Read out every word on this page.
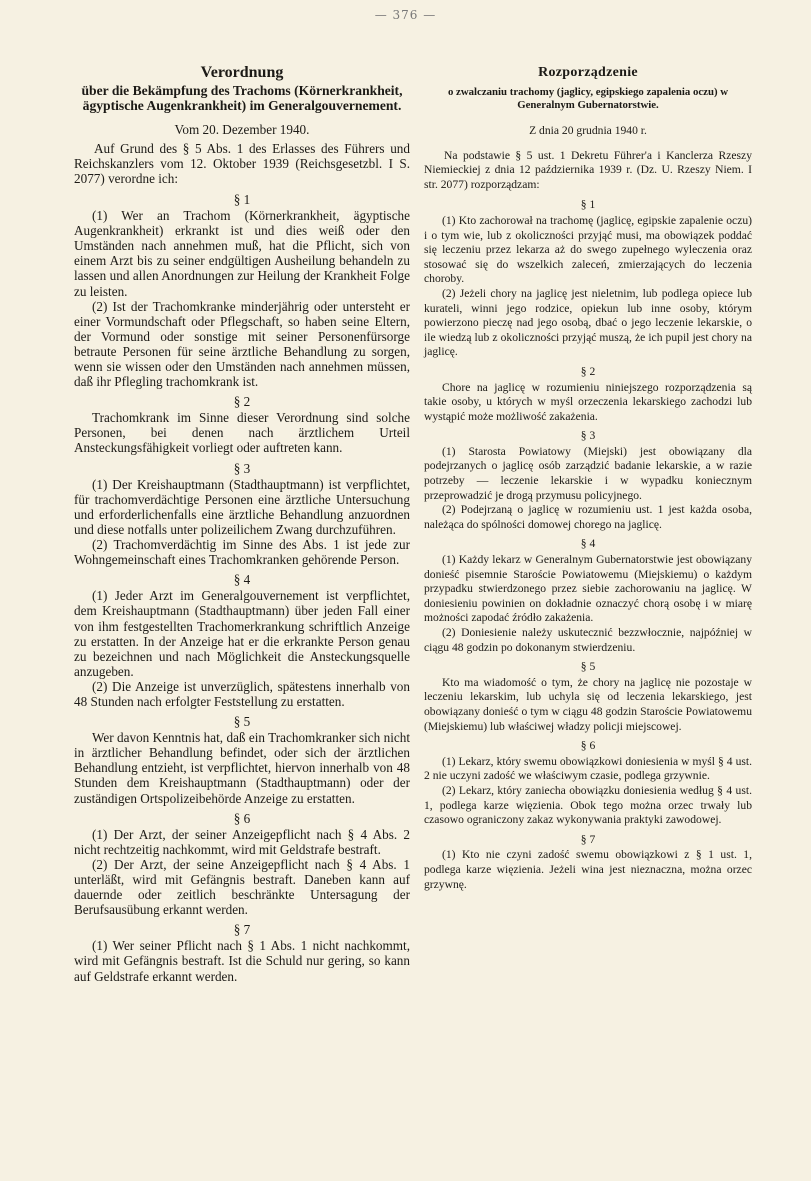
— 376 —
Verordnung
über die Bekämpfung des Trachoms (Körnerkrankheit, ägyptische Augenkrankheit) im Generalgouvernement.
Vom 20. Dezember 1940.

Auf Grund des § 5 Abs. 1 des Erlasses des Führers und Reichskanzlers vom 12. Oktober 1939 (Reichsgesetzbl. I S. 2077) verordne ich:

§ 1

(1) Wer an Trachom (Körnerkrankheit, ägyptische Augenkrankheit) erkrankt ist und dies weiß oder den Umständen nach annehmen muß, hat die Pflicht, sich von einem Arzt bis zu seiner endgültigen Ausheilung behandeln zu lassen und allen Anordnungen zur Heilung der Krankheit Folge zu leisten.

(2) Ist der Trachomkranke minderjährig oder untersteht er einer Vormundschaft oder Pflegschaft, so haben seine Eltern, der Vormund oder sonstige mit seiner Personenfürsorge betraute Personen für seine ärztliche Behandlung zu sorgen, wenn sie wissen oder den Umständen nach annehmen müssen, daß ihr Pflegling trachomkrank ist.

§ 2

Trachomkrank im Sinne dieser Verordnung sind solche Personen, bei denen nach ärztlichem Urteil Ansteckungsfähigkeit vorliegt oder auftreten kann.

§ 3

(1) Der Kreishauptmann (Stadthauptmann) ist verpflichtet, für trachomverdächtige Personen eine ärztliche Untersuchung und erforderlichenfalls eine ärztliche Behandlung anzuordnen und diese notfalls unter polizeilichem Zwang durchzuführen.

(2) Trachomverdächtig im Sinne des Abs. 1 ist jede zur Wohngemeinschaft eines Trachomkranken gehörende Person.

§ 4

(1) Jeder Arzt im Generalgouvernement ist verpflichtet, dem Kreishauptmann (Stadthauptmann) über jeden Fall einer von ihm festgestellten Trachomerkrankung schriftlich Anzeige zu erstatten. In der Anzeige hat er die erkrankte Person genau zu bezeichnen und nach Möglichkeit die Ansteckungsquelle anzugeben.

(2) Die Anzeige ist unverzüglich, spätestens innerhalb von 48 Stunden nach erfolgter Feststellung zu erstatten.

§ 5

Wer davon Kenntnis hat, daß ein Trachomkranker sich nicht in ärztlicher Behandlung befindet, oder sich der ärztlichen Behandlung entzieht, ist verpflichtet, hiervon innerhalb von 48 Stunden dem Kreishauptmann (Stadthauptmann) oder der zuständigen Ortspolizeibehörde Anzeige zu erstatten.

§ 6

(1) Der Arzt, der seiner Anzeigepflicht nach § 4 Abs. 2 nicht rechtzeitig nachkommt, wird mit Geldstrafe bestraft.

(2) Der Arzt, der seine Anzeigepflicht nach § 4 Abs. 1 unterläßt, wird mit Gefängnis bestraft. Daneben kann auf dauernde oder zeitlich beschränkte Untersagung der Berufsausübung erkannt werden.

§ 7

(1) Wer seiner Pflicht nach § 1 Abs. 1 nicht nachkommt, wird mit Gefängnis bestraft. Ist die Schuld nur gering, so kann auf Geldstrafe erkannt werden.

Rozporządzenie
o zwalczaniu trachomy (jaglicy, egipskiego zapalenia oczu) w Generalnym Gubernatorstwie.
Z dnia 20 grudnia 1940 r.

Na podstawie § 5 ust. 1 Dekretu Führer'a i Kanclerza Rzeszy Niemieckiej z dnia 12 października 1939 r. (Dz. U. Rzeszy Niem. I str. 2077) rozporządzam:

§ 1

(1) Kto zachorował na trachomę (jaglicę, egipskie zapalenie oczu) i o tym wie, lub z okoliczności przyjąć musi, ma obowiązek poddać się leczeniu przez lekarza aż do swego zupełnego wyleczenia oraz stosować się do wszelkich zaleceń, zmierzających do leczenia choroby.

(2) Jeżeli chory na jaglicę jest nieletnim, lub podlega opiece lub kurateli, winni jego rodzice, opiekun lub inne osoby, którym powierzono pieczę nad jego osobą, dbać o jego leczenie lekarskie, o ile wiedzą lub z okoliczności przyjąć muszą, że ich pupil jest chory na jaglicę.

§ 2

Chore na jaglicę w rozumieniu niniejszego rozporządzenia są takie osoby, u których w myśl orzeczenia lekarskiego zachodzi lub wystąpić może możliwość zakażenia.

§ 3

(1) Starosta Powiatowy (Miejski) jest obowiązany dla podejrzanych o jaglicę osób zarządzić badanie lekarskie, a w razie potrzeby — leczenie lekarskie i w wypadku koniecznym przeprowadzić je drogą przymusu policyjnego.

(2) Podejrzaną o jaglicę w rozumieniu ust. 1 jest każda osoba, należąca do spólności domowej chorego na jaglicę.

§ 4

(1) Każdy lekarz w Generalnym Gubernatorstwie jest obowiązany donieść pisemnie Staroście Powiatowemu (Miejskiemu) o każdym przypadku stwierdzonego przez siebie zachorowaniu na jaglicę. W doniesieniu powinien on dokładnie oznaczyć chorą osobę i w miarę możności zapodać źródło zakażenia.

(2) Doniesienie należy uskutecznić bezzwłocznie, najpóźniej w ciągu 48 godzin po dokonanym stwierdzeniu.

§ 5

Kto ma wiadomość o tym, że chory na jaglicę nie pozostaje w leczeniu lekarskim, lub uchyla się od leczenia lekarskiego, jest obowiązany donieść o tym w ciągu 48 godzin Staroście Powiatowemu (Miejskiemu) lub właściwej władzy policji miejscowej.

§ 6

(1) Lekarz, który swemu obowiązkowi doniesienia w myśl § 4 ust. 2 nie uczyni zadość we właściwym czasie, podlega grzywnie.

(2) Lekarz, który zaniecha obowiązku doniesienia według § 4 ust. 1, podlega karze więzienia. Obok tego można orzec trwały lub czasowo ograniczony zakaz wykonywania praktyki zawodowej.

§ 7

(1) Kto nie czyni zadość swemu obowiązkowi z § 1 ust. 1, podlega karze więzienia. Jeżeli wina jest nieznaczna, można orzec grzywnę.
